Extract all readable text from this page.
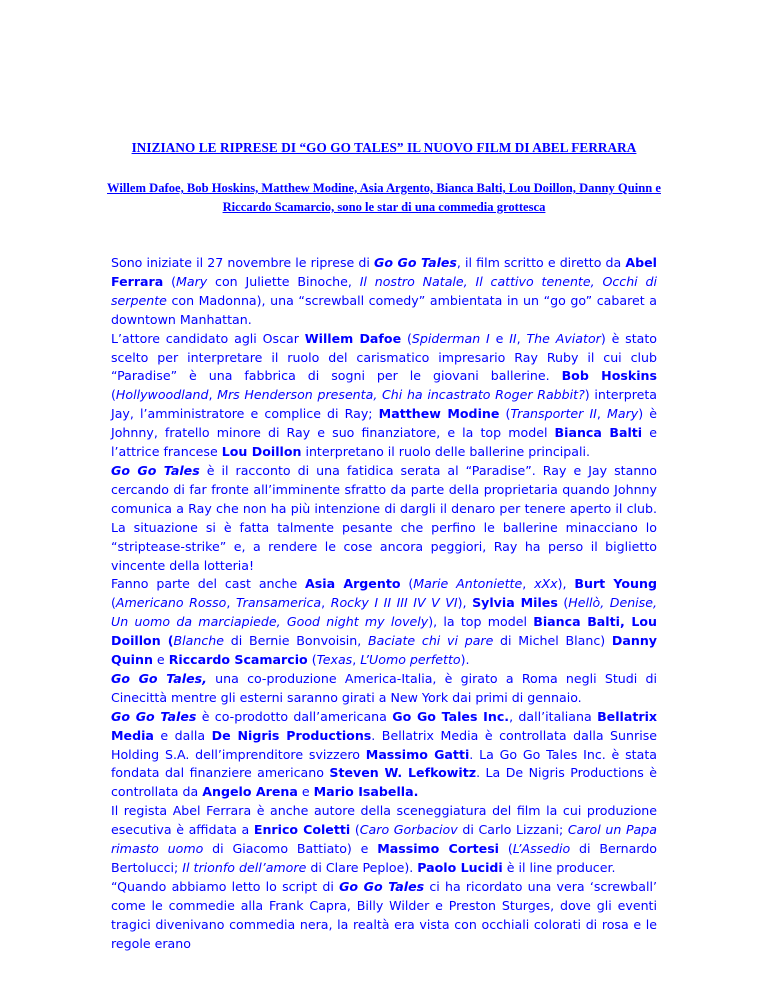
INIZIANO LE RIPRESE DI “GO GO TALES” IL NUOVO FILM DI ABEL FERRARA
Willem Dafoe, Bob Hoskins, Matthew Modine, Asia Argento, Bianca Balti, Lou Doillon, Danny Quinn e Riccardo Scamarcio, sono le star di una commedia grottesca

Sono iniziate il 27 novembre le riprese di Go Go Tales, il film scritto e diretto da Abel Ferrara (Mary con Juliette Binoche, Il nostro Natale, Il cattivo tenente, Occhi di serpente con Madonna), una “screwball comedy” ambientata in un “go go” cabaret a downtown Manhattan.

L’attore candidato agli Oscar Willem Dafoe (Spiderman I e II, The Aviator) è stato scelto per interpretare il ruolo del carismatico impresario Ray Ruby il cui club “Paradise” è una fabbrica di sogni per le giovani ballerine. Bob Hoskins (Hollywoodland, Mrs Henderson presenta, Chi ha incastrato Roger Rabbit?) interpreta Jay, l’amministratore e complice di Ray; Matthew Modine (Transporter II, Mary) è Johnny, fratello minore di Ray e suo finanziatore, e la top model Bianca Balti e l’attrice francese Lou Doillon interpretano il ruolo delle ballerine principali.

Go Go Tales è il racconto di una fatidica serata al “Paradise”. Ray e Jay stanno cercando di far fronte all’imminente sfratto da parte della proprietaria quando Johnny comunica a Ray che non ha più intenzione di dargli il denaro per tenere aperto il club. La situazione si è fatta talmente pesante che perfino le ballerine minacciano lo “striptease-strike” e, a rendere le cose ancora peggiori, Ray ha perso il biglietto vincente della lotteria!

Fanno parte del cast anche Asia Argento (Marie Antoniette, xXx), Burt Young (Americano Rosso, Transamerica, Rocky I II III IV V VI), Sylvia Miles (Hellò, Denise, Un uomo da marciapiede, Good night my lovely), la top model Bianca Balti, Lou Doillon (Blanche di Bernie Bonvoisin, Baciate chi vi pare di Michel Blanc) Danny Quinn e Riccardo Scamarcio (Texas, L’Uomo perfetto).

Go Go Tales, una co-produzione America-Italia, è girato a Roma negli Studi di Cinecittà mentre gli esterni saranno girati a New York dai primi di gennaio.

Go Go Tales è co-prodotto dall’americana Go Go Tales Inc., dall’italiana Bellatrix Media e dalla De Nigris Productions. Bellatrix Media è controllata dalla Sunrise Holding S.A. dell’imprenditore svizzero Massimo Gatti. La Go Go Tales Inc. è stata fondata dal finanziere americano Steven W. Lefkowitz. La De Nigris Productions è controllata da Angelo Arena e Mario Isabella.

Il regista Abel Ferrara è anche autore della sceneggiatura del film la cui produzione esecutiva è affidata a Enrico Coletti (Caro Gorbaciov di Carlo Lizzani; Carol un Papa rimasto uomo di Giacomo Battiato) e Massimo Cortesi (L’Assedio di Bernardo Bertolucci; Il trionfo dell’amore di Clare Peploe). Paolo Lucidi è il line producer.

“Quando abbiamo letto lo script di Go Go Tales ci ha ricordato una vera ‘screwball’ come le commedie alla Frank Capra, Billy Wilder e Preston Sturges, dove gli eventi tragici divenivano commedia nera, la realtà era vista con occhiali colorati di rosa e le regole erano
